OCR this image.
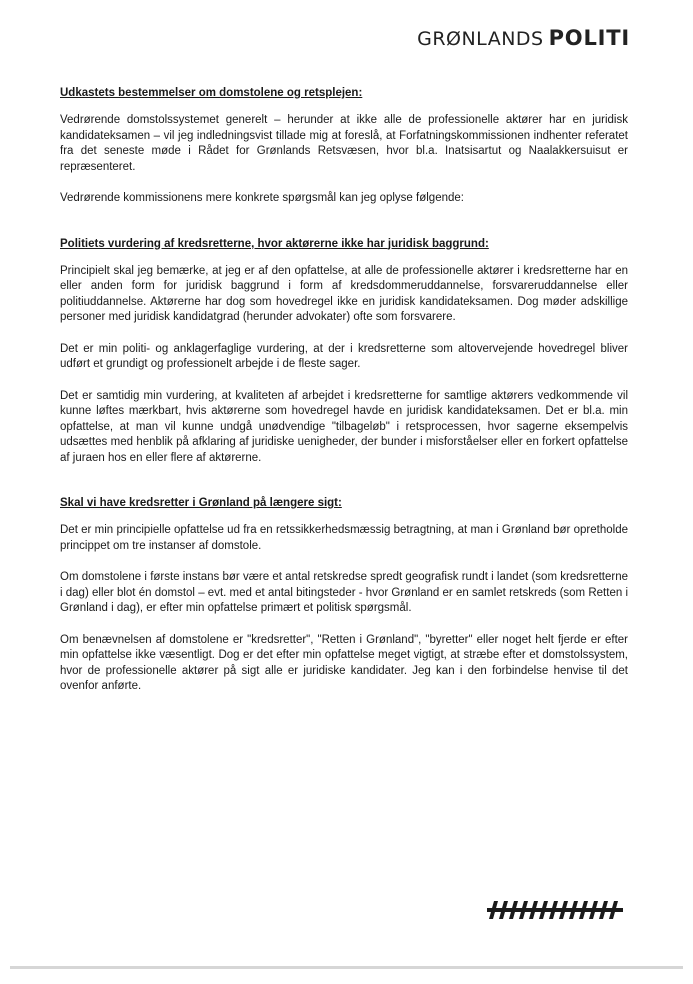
GRØNLANDS POLITI

Udkastets bestemmelser om domstolene og retsplejen:

Vedrørende domstolssystemet generelt – herunder at ikke alle de professionelle aktører har en juridisk kandidateksamen – vil jeg indledningsvist tillade mig at foreslå, at Forfatningskommissionen indhenter referatet fra det seneste møde i Rådet for Grønlands Retsvæsen, hvor bl.a. Inatsisartut og Naalakkersuisut er repræsenteret.

Vedrørende kommissionens mere konkrete spørgsmål kan jeg oplyse følgende:

Politiets vurdering af kredsretterne, hvor aktørerne ikke har juridisk baggrund:

Principielt skal jeg bemærke, at jeg er af den opfattelse, at alle de professionelle aktører i kredsretterne har en eller anden form for juridisk baggrund i form af kredsdommeruddannelse, forsvareruddannelse eller politiuddannelse. Aktørerne har dog som hovedregel ikke en juridisk kandidateksamen. Dog møder adskillige personer med juridisk kandidatgrad (herunder advokater) ofte som forsvarere.

Det er min politi- og anklagerfaglige vurdering, at der i kredsretterne som altovervejende hovedregel bliver udført et grundigt og professionelt arbejde i de fleste sager.

Det er samtidig min vurdering, at kvaliteten af arbejdet i kredsretterne for samtlige aktørers vedkommende vil kunne løftes mærkbart, hvis aktørerne som hovedregel havde en juridisk kandidateksamen. Det er bl.a. min opfattelse, at man vil kunne undgå unødvendige "tilbageløb" i retsprocessen, hvor sagerne eksempelvis udsættes med henblik på afklaring af juridiske uenigheder, der bunder i misforståelser eller en forkert opfattelse af juraen hos en eller flere af aktørerne.

Skal vi have kredsretter i Grønland på længere sigt:

Det er min principielle opfattelse ud fra en retssikkerhedsmæssig betragtning, at man i Grønland bør opretholde princippet om tre instanser af domstole.

Om domstolene i første instans bør være et antal retskredse spredt geografisk rundt i landet (som kredsretterne i dag) eller blot én domstol – evt. med et antal bitingsteder - hvor Grønland er en samlet retskreds (som Retten i Grønland i dag), er efter min opfattelse primært et politisk spørgsmål.

Om benævnelsen af domstolene er "kredsretter", "Retten i Grønland", "byretter" eller noget helt fjerde er efter min opfattelse ikke væsentligt. Dog er det efter min opfattelse meget vigtigt, at stræbe efter et domstolssystem, hvor de professionelle aktører på sigt alle er juridiske kandidater. Jeg kan i den forbindelse henvise til det ovenfor anførte.
